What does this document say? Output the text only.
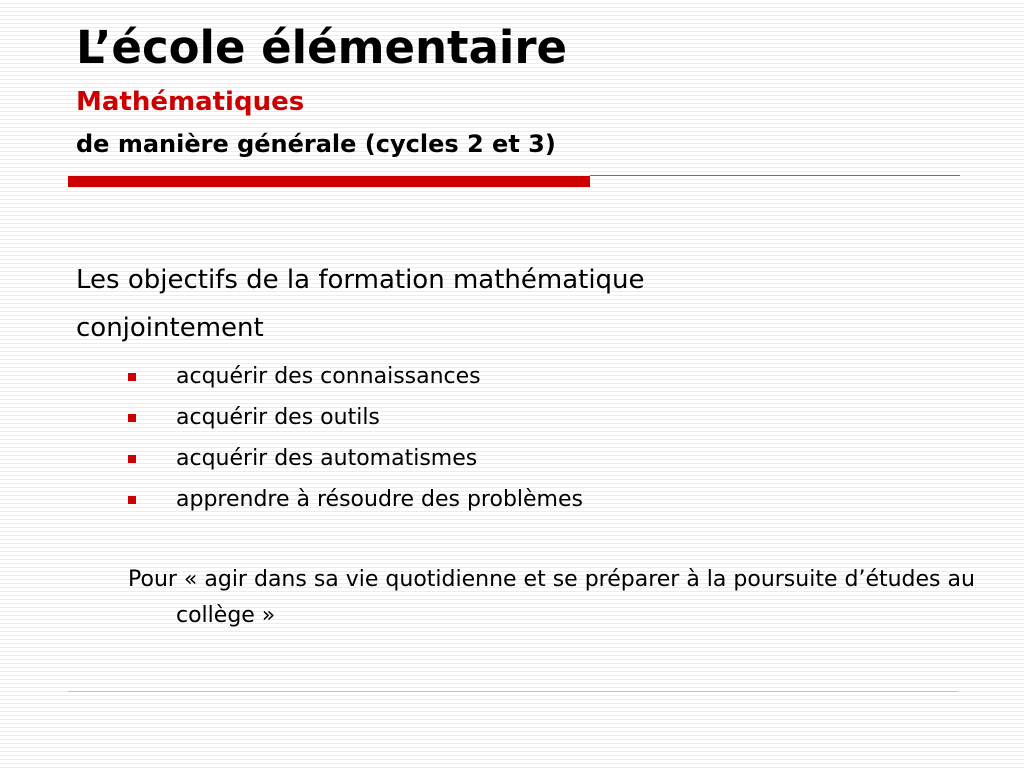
L’école élémentaire
Mathématiques
de manière générale (cycles 2 et 3)
Les objectifs de la formation mathématique
conjointement
acquérir des connaissances
acquérir des outils
acquérir des automatismes
apprendre à résoudre des problèmes

Pour « agir dans sa vie quotidienne et se préparer à la poursuite d’études au collège »
